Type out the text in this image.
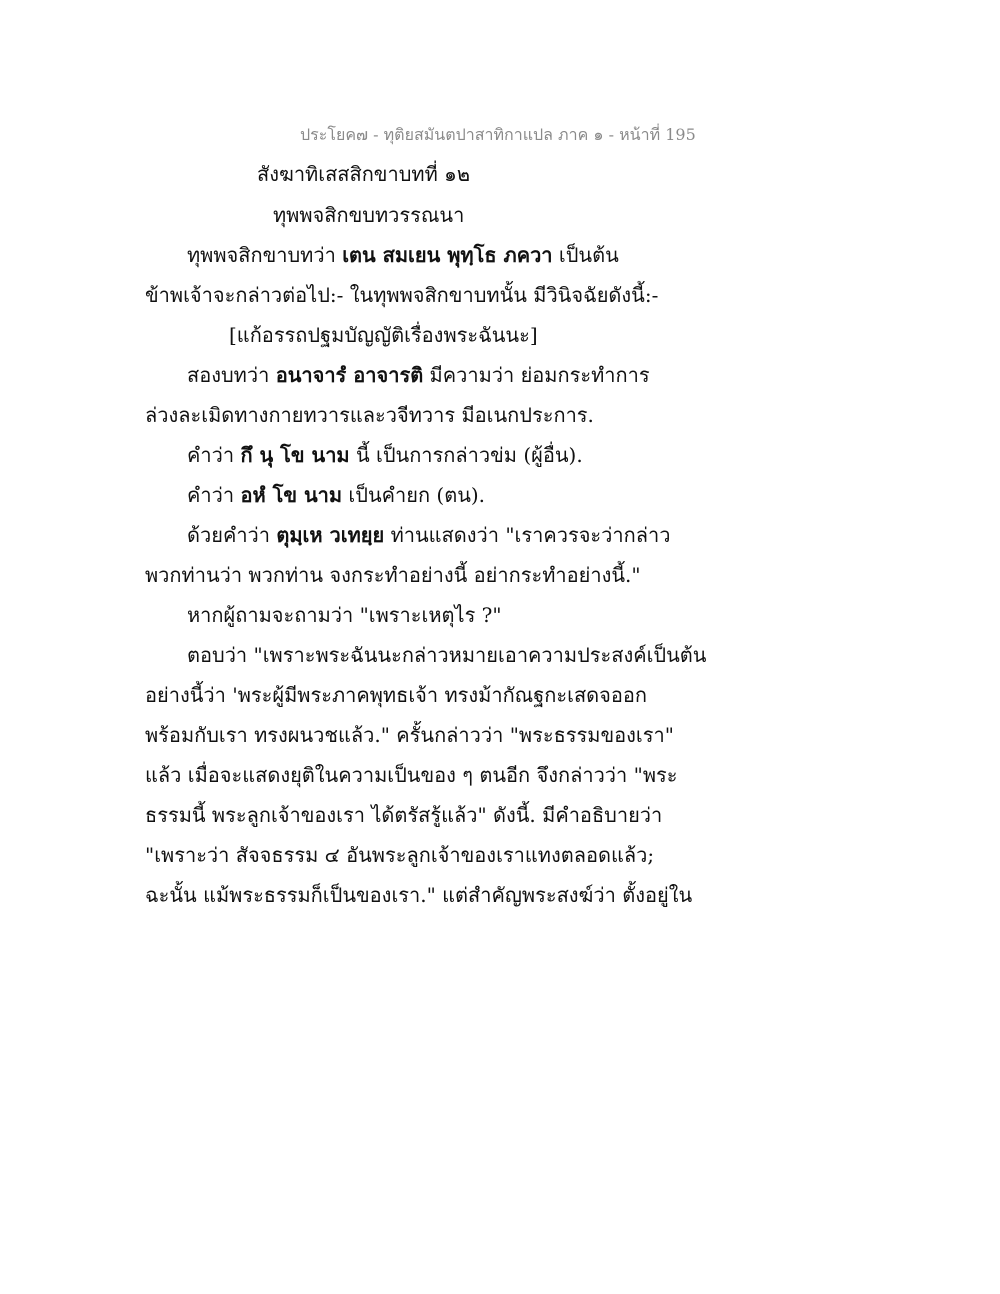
ประโยค๗ - ทุติยสมันตปาสาทิกาแปล ภาค ๑ - หน้าที่ 195
สังฆาทิเสสสิกขาบทที่ ๑๒
ทุพพจสิกขบทวรรณนา
ทุพพจสิกขาบทว่า เตน สมเยน พุทฺโธ ภควา เป็นต้น
ข้าพเจ้าจะกล่าวต่อไป:- ในทุพพจสิกขาบทนั้น มีวินิจฉัยดังนี้:-
[แก้อรรถปฐมบัญญัติเรื่องพระฉันนะ]
สองบทว่า อนาจารํ อาจารติ มีความว่า ย่อมกระทำการ
ล่วงละเมิดทางกายทวารและวจีทวาร มีอเนกประการ.
คำว่า กึ นุ โข นาม นี้ เป็นการกล่าวข่ม (ผู้อื่น).
คำว่า อหํ โข นาม เป็นคำยก (ตน).
ด้วยคำว่า ตุมฺเห วเทยฺย ท่านแสดงว่า "เราควรจะว่ากล่าว
พวกท่านว่า พวกท่าน จงกระทำอย่างนี้ อย่ากระทำอย่างนี้."
หากผู้ถามจะถามว่า "เพราะเหตุไร ?"
ตอบว่า "เพราะพระฉันนะกล่าวหมายเอาความประสงค์เป็นต้น
อย่างนี้ว่า 'พระผู้มีพระภาคพุทธเจ้า ทรงม้ากัณฐกะเสดจออก
พร้อมกับเรา ทรงผนวชแล้ว." ครั้นกล่าวว่า "พระธรรมของเรา"
แล้ว เมื่อจะแสดงยุติในความเป็นของ ๆ ตนอีก จึงกล่าวว่า "พระ
ธรรมนี้ พระลูกเจ้าของเรา ได้ตรัสรู้แล้ว" ดังนี้. มีคำอธิบายว่า
"เพราะว่า สัจจธรรม ๔ อันพระลูกเจ้าของเราแทงตลอดแล้ว;
ฉะนั้น แม้พระธรรมก็เป็นของเรา." แต่สำคัญพระสงฆ์ว่า ตั้งอยู่ใน
